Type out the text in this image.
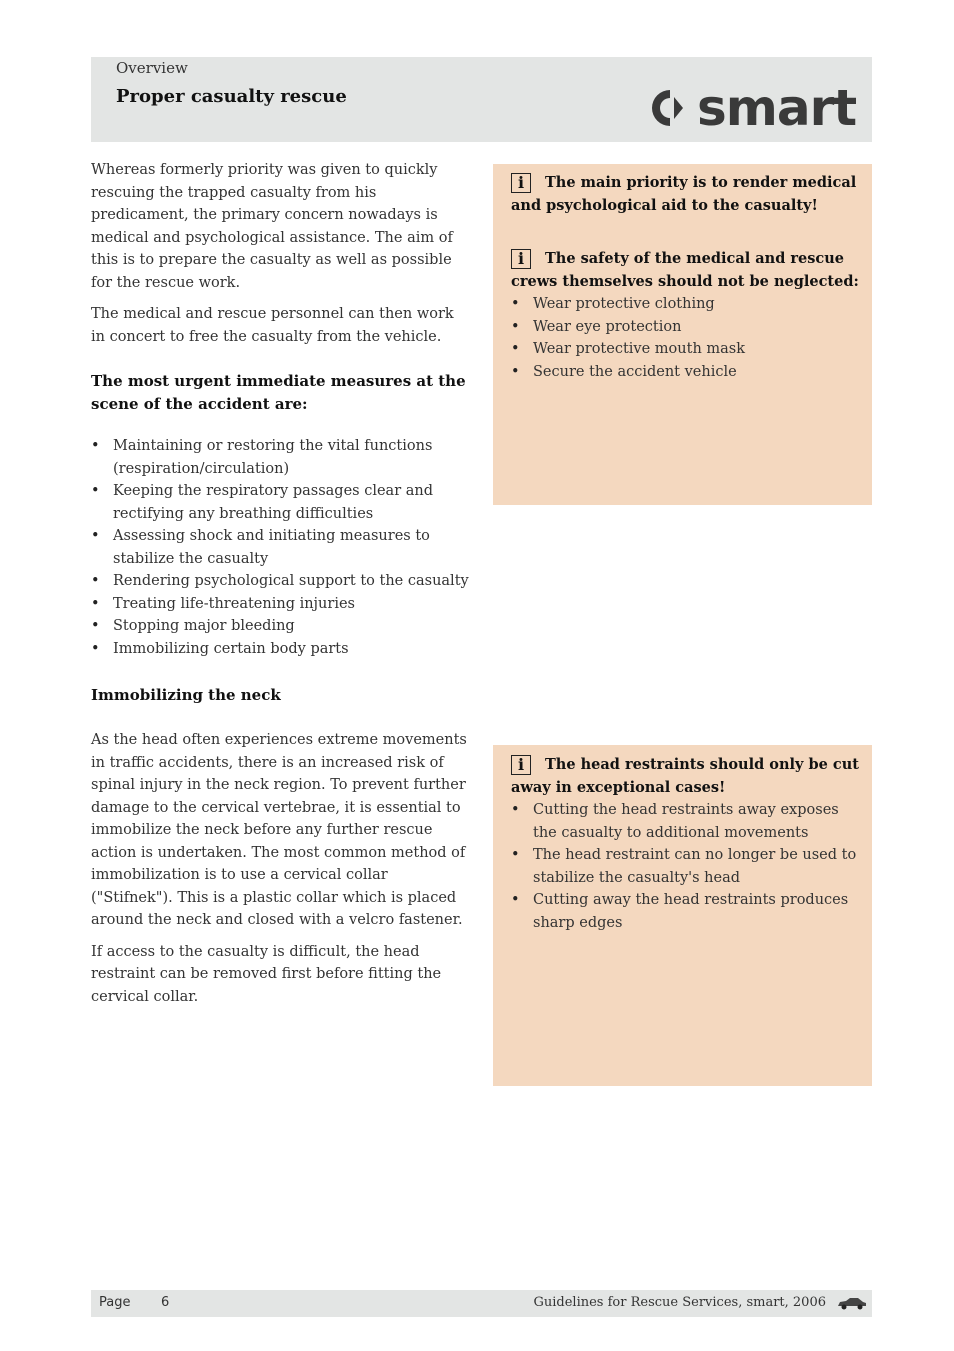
Overview
Proper casualty rescue	smart

Whereas formerly priority was given to quickly rescuing the trapped casualty from his predicament, the primary concern nowadays is medical and psychological assistance. The aim of this is to prepare the casualty as well as possible for the rescue work.

The medical and rescue personnel can then work in concert to free the casualty from the vehicle.

The most urgent immediate measures at the scene of the accident are:

• Maintaining or restoring the vital functions (respiration/circulation)
• Keeping the respiratory passages clear and rectifying any breathing difficulties
• Assessing shock and initiating measures to stabilize the casualty
• Rendering psychological support to the casualty
• Treating life-threatening injuries
• Stopping major bleeding
• Immobilizing certain body parts

Immobilizing the neck

As the head often experiences extreme movements in traffic accidents, there is an increased risk of spinal injury in the neck region. To prevent further damage to the cervical vertebrae, it is essential to immobilize the neck before any further rescue action is undertaken. The most common method of immobilization is to use a cervical collar ("Stifnek"). This is a plastic collar which is placed around the neck and closed with a velcro fastener.

If access to the casualty is difficult, the head restraint can be removed first before fitting the cervical collar.

i The main priority is to render medical and psychological aid to the casualty!
i The safety of the medical and rescue crews themselves should not be neglected:
• Wear protective clothing
• Wear eye protection
• Wear protective mouth mask
• Secure the accident vehicle
i The head restraints should only be cut away in exceptional cases!
• Cutting the head restraints away exposes the casualty to additional movements
• The head restraint can no longer be used to stabilize the casualty's head
• Cutting away the head restraints produces sharp edges
Page 6	Guidelines for Rescue Services, smart, 2006
